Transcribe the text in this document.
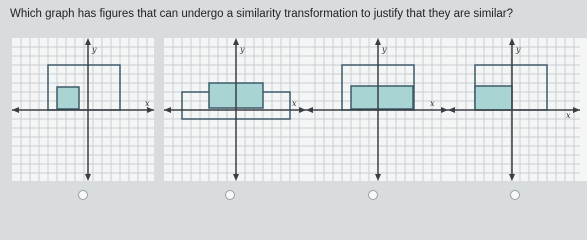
Which graph has figures that can undergo a similarity transformation to justify that they are similar?
y
x
y
x
y
x
y
x
